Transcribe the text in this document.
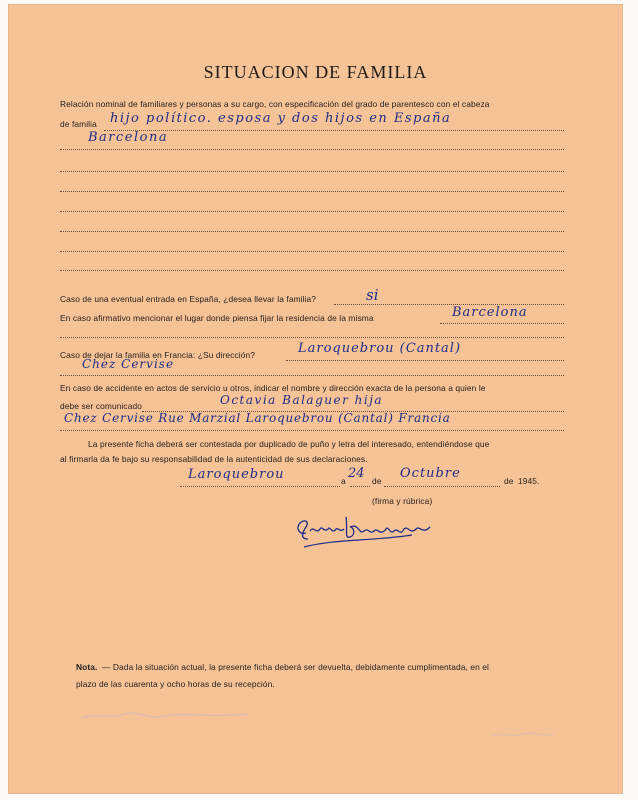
SITUACION DE FAMILIA
Relación nominal de familiares y personas a su cargo, con especificación del grado de parentesco con el cabeza
de familia hijo político. esposa y dos hijos en España
Barcelona
Caso de una eventual entrada en España, ¿desea llevar la familia?	si
En caso afirmativo mencionar el lugar donde piensa fijar la residencia de la misma	Barcelona
Caso de dejar la familia en Francia: ¿Su dirección?	Laroquebrou (Cantal)
Chez Cervise
En caso de accidente en actos de servicio u otros, indicar el nombre y dirección exacta de la persona a quien le
debe ser comunicado	Octavia Balaguer hija
Chez Cervise Rue Marzial Laroquebrou (Cantal) Francia
La presente ficha deberá ser contestada por duplicado de puño y letra del interesado, entendiéndose que
al firmarla da fe bajo su responsabilidad de la autenticidad de sus declaraciones.
Laroquebrou	a 24 de Octubre	de 1945.
(firma y rúbrica)
Nota. — Dada la situación actual, la presente ficha deberá ser devuelta, debidamente cumplimentada, en el
plazo de las cuarenta y ocho horas de su recepción.
